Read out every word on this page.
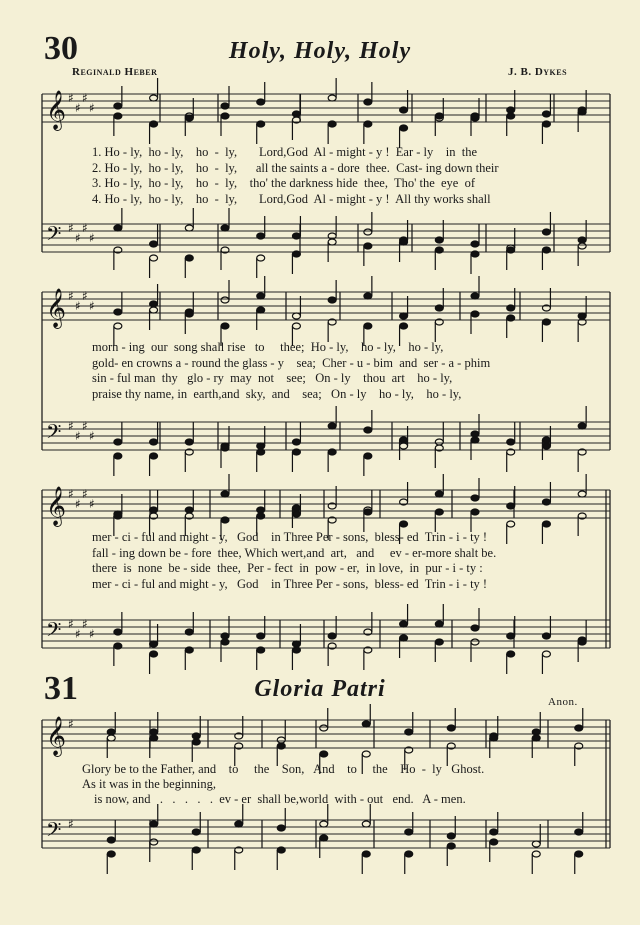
30	Holy, Holy, Holy
Reginald Heber	J. B. Dykes
𝄞 ♯
♯
♯
♯
𝄢 ♯
♯
♯
♯
1. Ho - ly,  ho - ly,    ho  -  ly,       Lord,God  Al - might - y !  Ear - ly    in  the
2. Ho - ly,  ho - ly,    ho  -  ly,      all the saints a - dore  thee.  Cast- ing down their
3. Ho - ly,  ho - ly,    ho  -  ly,    tho' the darkness hide  thee,  Tho' the  eye  of
4. Ho - ly,  ho - ly,    ho  -  ly,       Lord,God  Al - might - y !  All thy works shall
𝄞 ♯
♯
♯
♯
𝄢 ♯
♯
♯
♯
morn - ing  our  song shall rise   to     thee;  Ho - ly,    ho - ly,    ho - ly,
gold- en crowns a - round the glass - y    sea;  Cher - u - bim  and  ser - a - phim
sin - ful man  thy   glo - ry  may  not    see;   On - ly    thou  art    ho - ly,
praise thy name, in  earth,and  sky,  and    sea;   On - ly    ho - ly,    ho - ly,
𝄞 ♯
♯
♯
♯
𝄢 ♯
♯
♯
♯
mer - ci - ful and might - y,   God    in Three Per - sons,  bless- ed  Trin - i - ty !
fall - ing down be - fore  thee, Which wert,and  art,   and     ev - er-more shalt be.
there  is  none  be - side  thee,  Per - fect  in  pow - er,  in love,  in  pur - i - ty :
mer - ci - ful and might - y,   God    in Three Per - sons,  bless- ed  Trin - i - ty !
31	Gloria Patri	Anon.
𝄞 ♯
𝄢 ♯
Glory be to the Father, and    to     the    Son,   And    to     the    Ho  -  ly   Ghost.
As it was in the beginning,
is now, and   .   .   .   .   .  ev - er  shall be,world  with - out   end.   A - men.
